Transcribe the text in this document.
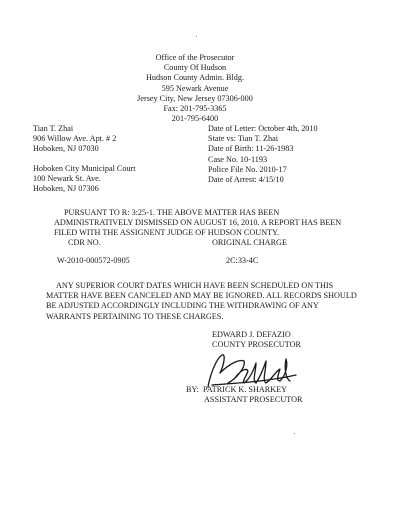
Office of the Prosecutor
County Of Hudson
Hudson County Admin. Bldg.
595 Newark Avenue
Jersey City, New Jersey 07306-000
Fax: 201-795-3365
201-795-6400
Tian T. Zhai
906 Willow Ave. Apt. # 2
Hoboken, NJ 07030
Hoboken City Municipal Court
100 Newark St. Ave.
Hoboken, NJ 07306
Date of Letter: October 4th, 2010
State vs: Tian T. Zhai
Date of Birth: 11-26-1983
Case No. 10-1193
Police File No. 2010-17
Date of Arrest: 4/15/10

PURSUANT TO R: 3:25-1. THE ABOVE MATTER HAS BEEN ADMINISTRATIVELY DISMISSED ON AUGUST 16, 2010. A REPORT HAS BEEN FILED WITH THE ASSIGNENT JUDGE OF HUDSON COUNTY.

CDR NO.	ORIGINAL CHARGE
W-2010-000572-0905	2C:33-4C

ANY SUPERIOR COURT DATES WHICH HAVE BEEN SCHEDULED ON THIS MATTER HAVE BEEN CANCELED AND MAY BE IGNORED. ALL RECORDS SHOULD BE ADJUSTED ACCORDINGLY INCLUDING THE WITHDRAWING OF ANY WARRANTS PERTAINING TO THESE CHARGES.

EDWARD J. DEFAZIO
COUNTY PROSECUTOR
BY: PATRICK K. SHARKEY
ASSISTANT PROSECUTOR
